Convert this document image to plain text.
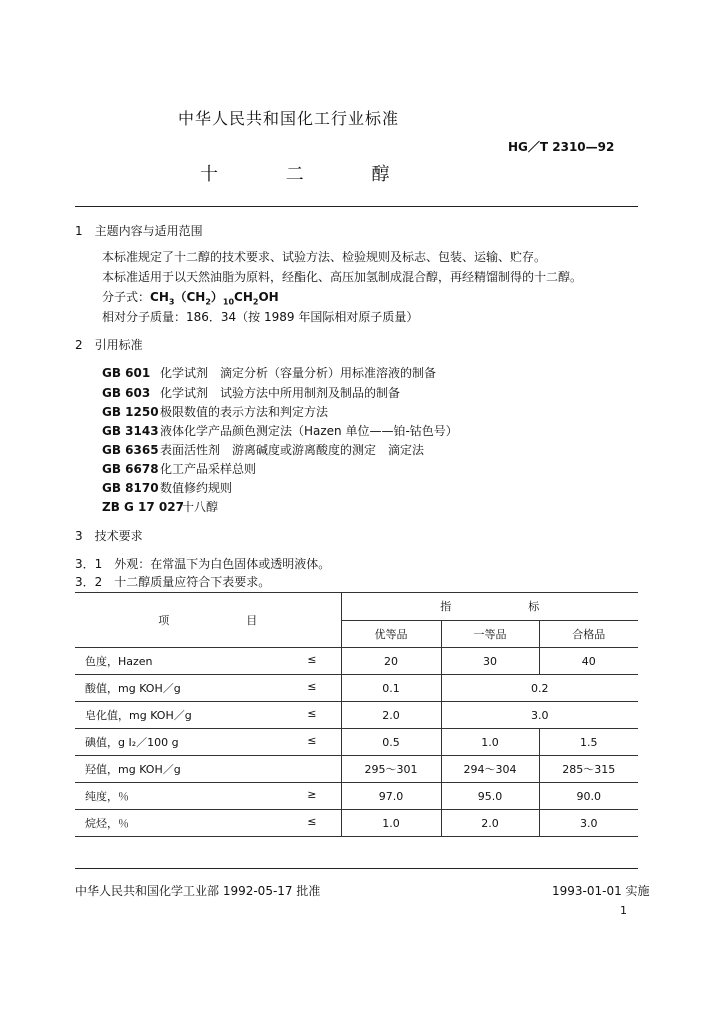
中华人民共和国化工行业标准
HG／T 2310—92
十	二	醇
1　主题内容与适用范围
本标准规定了十二醇的技术要求、试验方法、检验规则及标志、包装、运输、贮存。
本标准适用于以天然油脂为原料，经酯化、高压加氢制成混合醇，再经精馏制得的十二醇。
分子式：$CH_3(CH_2)_{10}CH_2OH$
相对分子质量：186．34（按 1989 年国际相对原子质量）
2　引用标准
GB 601 化学试剂　滴定分析（容量分析）用标准溶液的制备
GB 603 化学试剂　试验方法中所用制剂及制品的制备
GB 1250极限数值的表示方法和判定方法
GB 3143液体化学产品颜色测定法（Hazen 单位——铂-钴色号）
GB 6365表面活性剂　游离碱度或游离酸度的测定　滴定法
GB 6678化工产品采样总则
GB 8170数值修约规则
ZB G 17 027十八醇
3　技术要求
3．1　外观：在常温下为白色固体或透明液体。
3．2　十二醇质量应符合下表要求。
项　　　　　　　目	指　　　　　　　标		
	优等品	一等品	合格品
色度，Hazen ≤	20	30	40
酸值，mg KOH／g ≤	0.1	0.2	
皂化值，mg KOH／g ≤	2.0	3.0	
碘值，g I₂／100 g ≤	0.5	1.0	1.5
羟值，mg KOH／g	295～301	294～304	285～315
纯度，％ ≥	97.0	95.0	90.0
烷烃，％ ≤	1.0	2.0	3.0
中华人民共和国化学工业部 1992-05-17 批准	1993-01-01 实施
1
